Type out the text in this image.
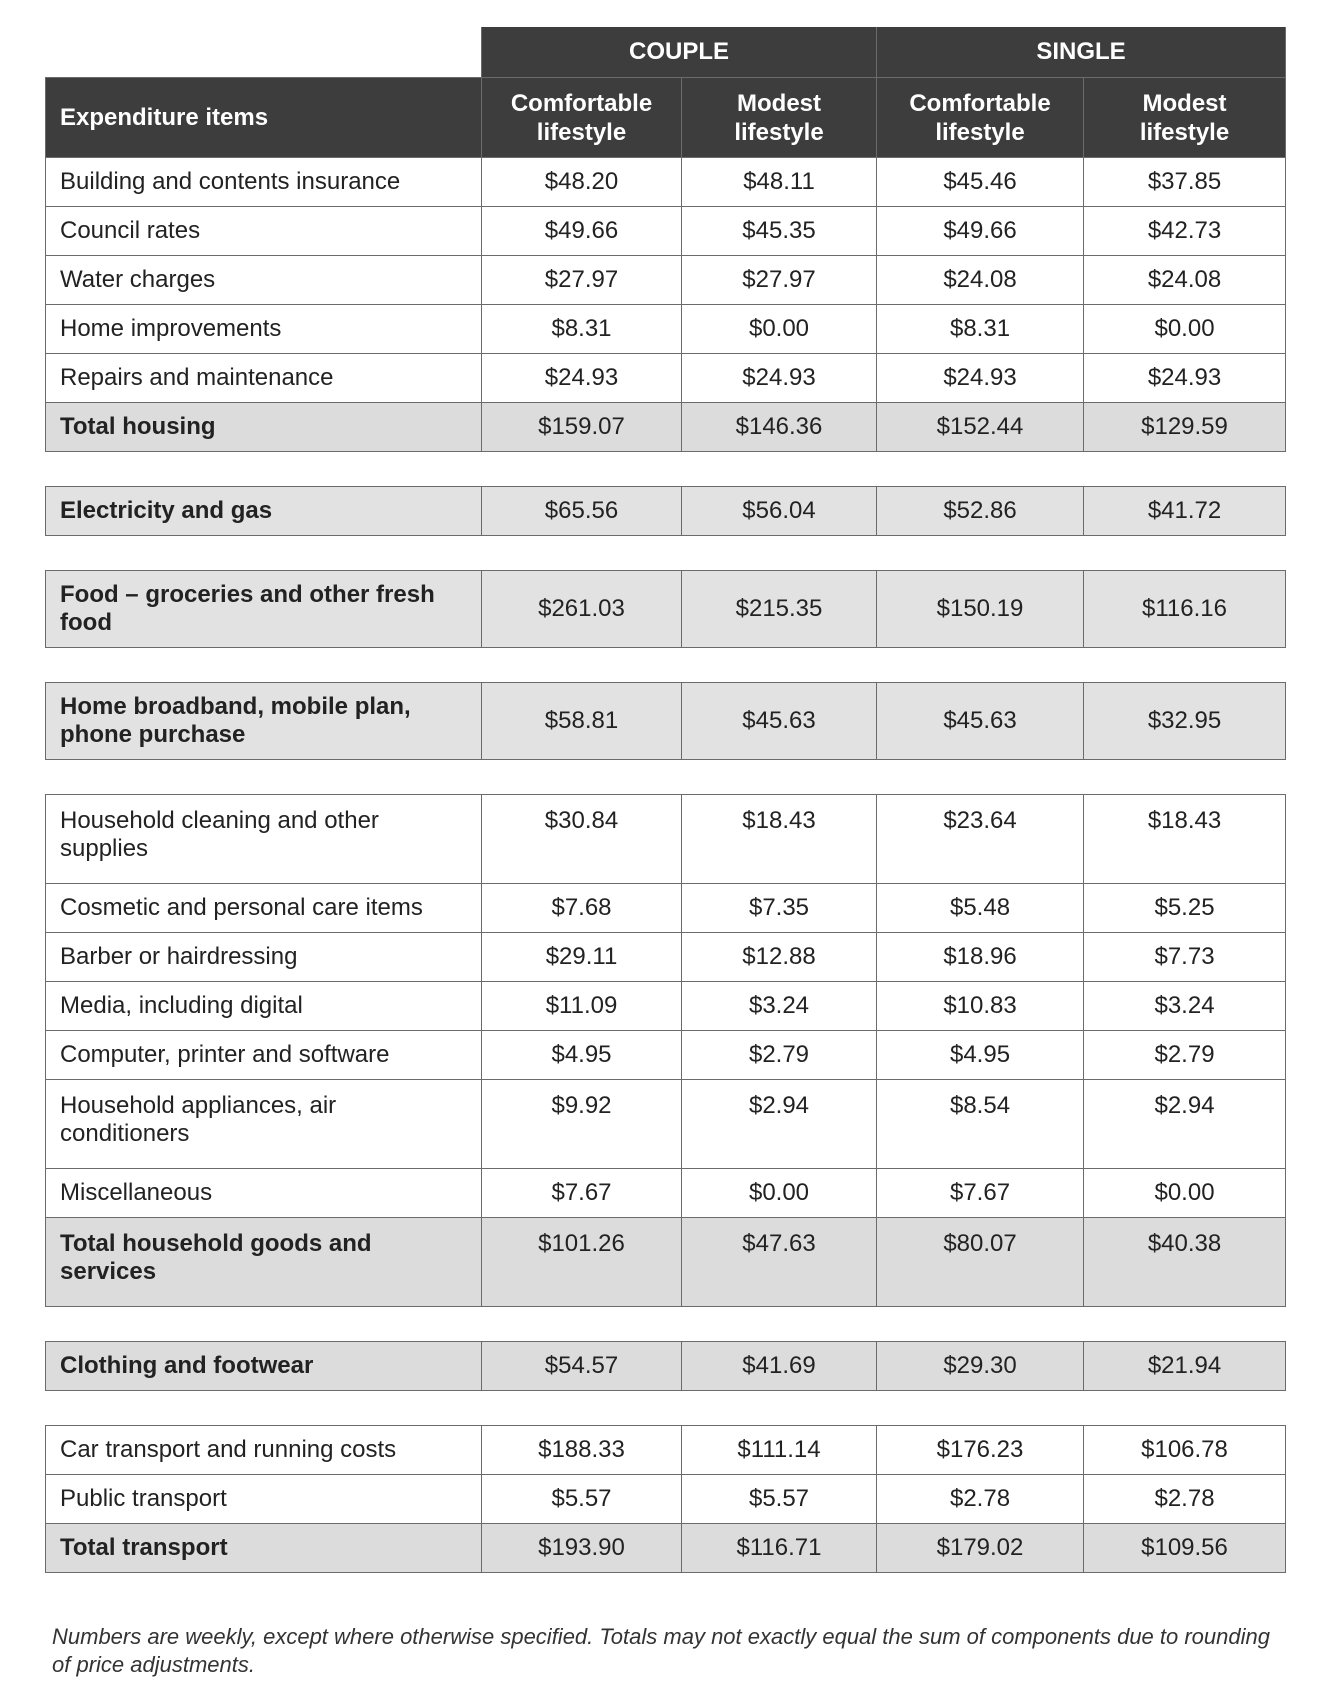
	COUPLE		SINGLE	
Expenditure items	Comfortable lifestyle	Modest lifestyle	Comfortable lifestyle	Modest lifestyle
Building and contents insurance	$48.20	$48.11	$45.46	$37.85
Council rates	$49.66	$45.35	$49.66	$42.73
Water charges	$27.97	$27.97	$24.08	$24.08
Home improvements	$8.31	$0.00	$8.31	$0.00
Repairs and maintenance	$24.93	$24.93	$24.93	$24.93
Total housing	$159.07	$146.36	$152.44	$129.59

Electricity and gas	$65.56	$56.04	$52.86	$41.72

Food – groceries and other fresh food	$261.03	$215.35	$150.19	$116.16

Home broadband, mobile plan, phone purchase	$58.81	$45.63	$45.63	$32.95

Household cleaning and other supplies	$30.84	$18.43	$23.64	$18.43
Cosmetic and personal care items	$7.68	$7.35	$5.48	$5.25
Barber or hairdressing	$29.11	$12.88	$18.96	$7.73
Media, including digital	$11.09	$3.24	$10.83	$3.24
Computer, printer and software	$4.95	$2.79	$4.95	$2.79
Household appliances, air conditioners	$9.92	$2.94	$8.54	$2.94
Miscellaneous	$7.67	$0.00	$7.67	$0.00
Total household goods and services	$101.26	$47.63	$80.07	$40.38

Clothing and footwear	$54.57	$41.69	$29.30	$21.94

Car transport and running costs	$188.33	$111.14	$176.23	$106.78
Public transport	$5.57	$5.57	$2.78	$2.78
Total transport	$193.90	$116.71	$179.02	$109.56
Numbers are weekly, except where otherwise specified. Totals may not exactly equal the sum of components due to rounding of price adjustments.
